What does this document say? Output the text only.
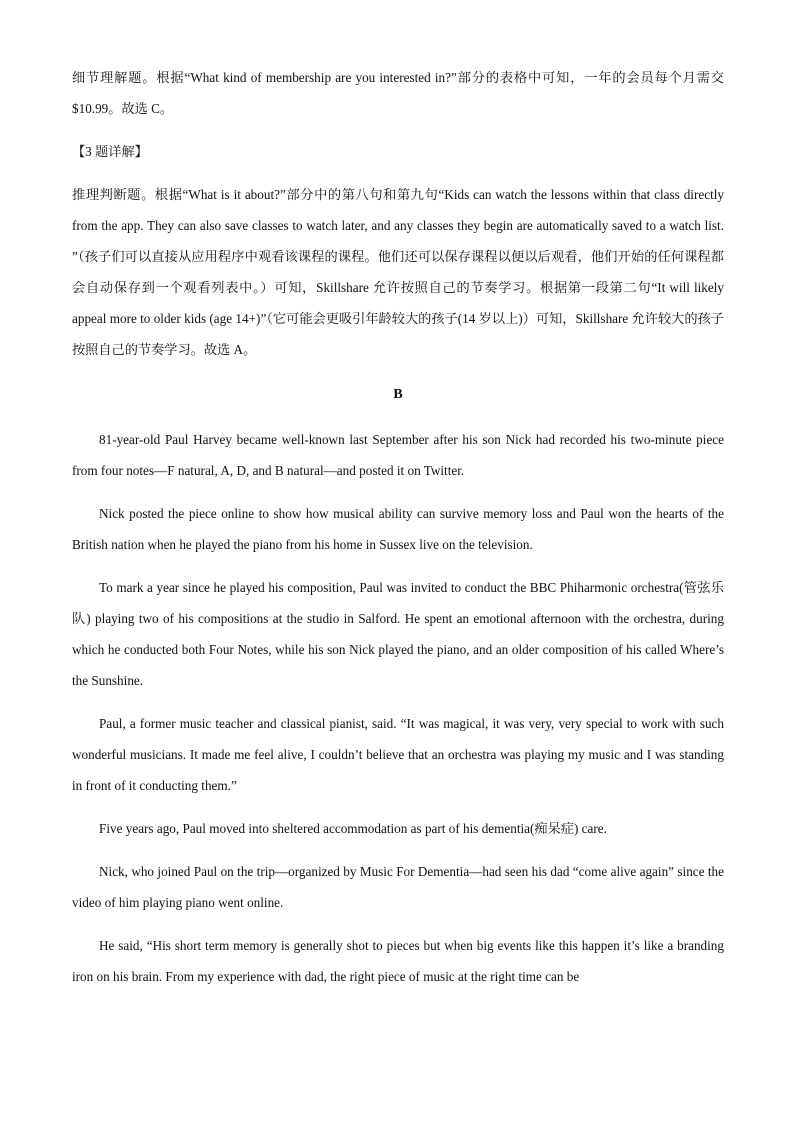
细节理解题。根据“What kind of membership are you interested in?”部分的表格中可知，一年的会员每个月需交$10.99。故选 C。

【3 题详解】

推理判断题。根据“What is it about?”部分中的第八句和第九句“Kids can watch the lessons within that class directly from the app. They can also save classes to watch later, and any classes they begin are automatically saved to a watch list. ”（孩子们可以直接从应用程序中观看该课程的课程。他们还可以保存课程以便以后观看，他们开始的任何课程都会自动保存到一个观看列表中。）可知，Skillshare 允许按照自己的节奏学习。根据第一段第二句“It will likely appeal more to older kids (age 14+)”（它可能会更吸引年龄较大的孩子(14 岁以上)）可知，Skillshare 允许较大的孩子按照自己的节奏学习。故选 A。

B

81-year-old Paul Harvey became well-known last September after his son Nick had recorded his two-minute piece from four notes—F natural, A, D, and B natural—and posted it on Twitter.

Nick posted the piece online to show how musical ability can survive memory loss and Paul won the hearts of the British nation when he played the piano from his home in Sussex live on the television.

To mark a year since he played his composition, Paul was invited to conduct the BBC Phiharmonic orchestra(管弦乐队) playing two of his compositions at the studio in Salford. He spent an emotional afternoon with the orchestra, during which he conducted both Four Notes, while his son Nick played the piano, and an older composition of his called Where’s the Sunshine.

Paul, a former music teacher and classical pianist, said. “It was magical, it was very, very special to work with such wonderful musicians. It made me feel alive, I couldn’t believe that an orchestra was playing my music and I was standing in front of it conducting them.”

Five years ago, Paul moved into sheltered accommodation as part of his dementia(痴呆症) care.

Nick, who joined Paul on the trip—organized by Music For Dementia—had seen his dad “come alive again” since the video of him playing piano went online.

He said, “His short term memory is generally shot to pieces but when big events like this happen it’s like a branding iron on his brain. From my experience with dad, the right piece of music at the right time can be
